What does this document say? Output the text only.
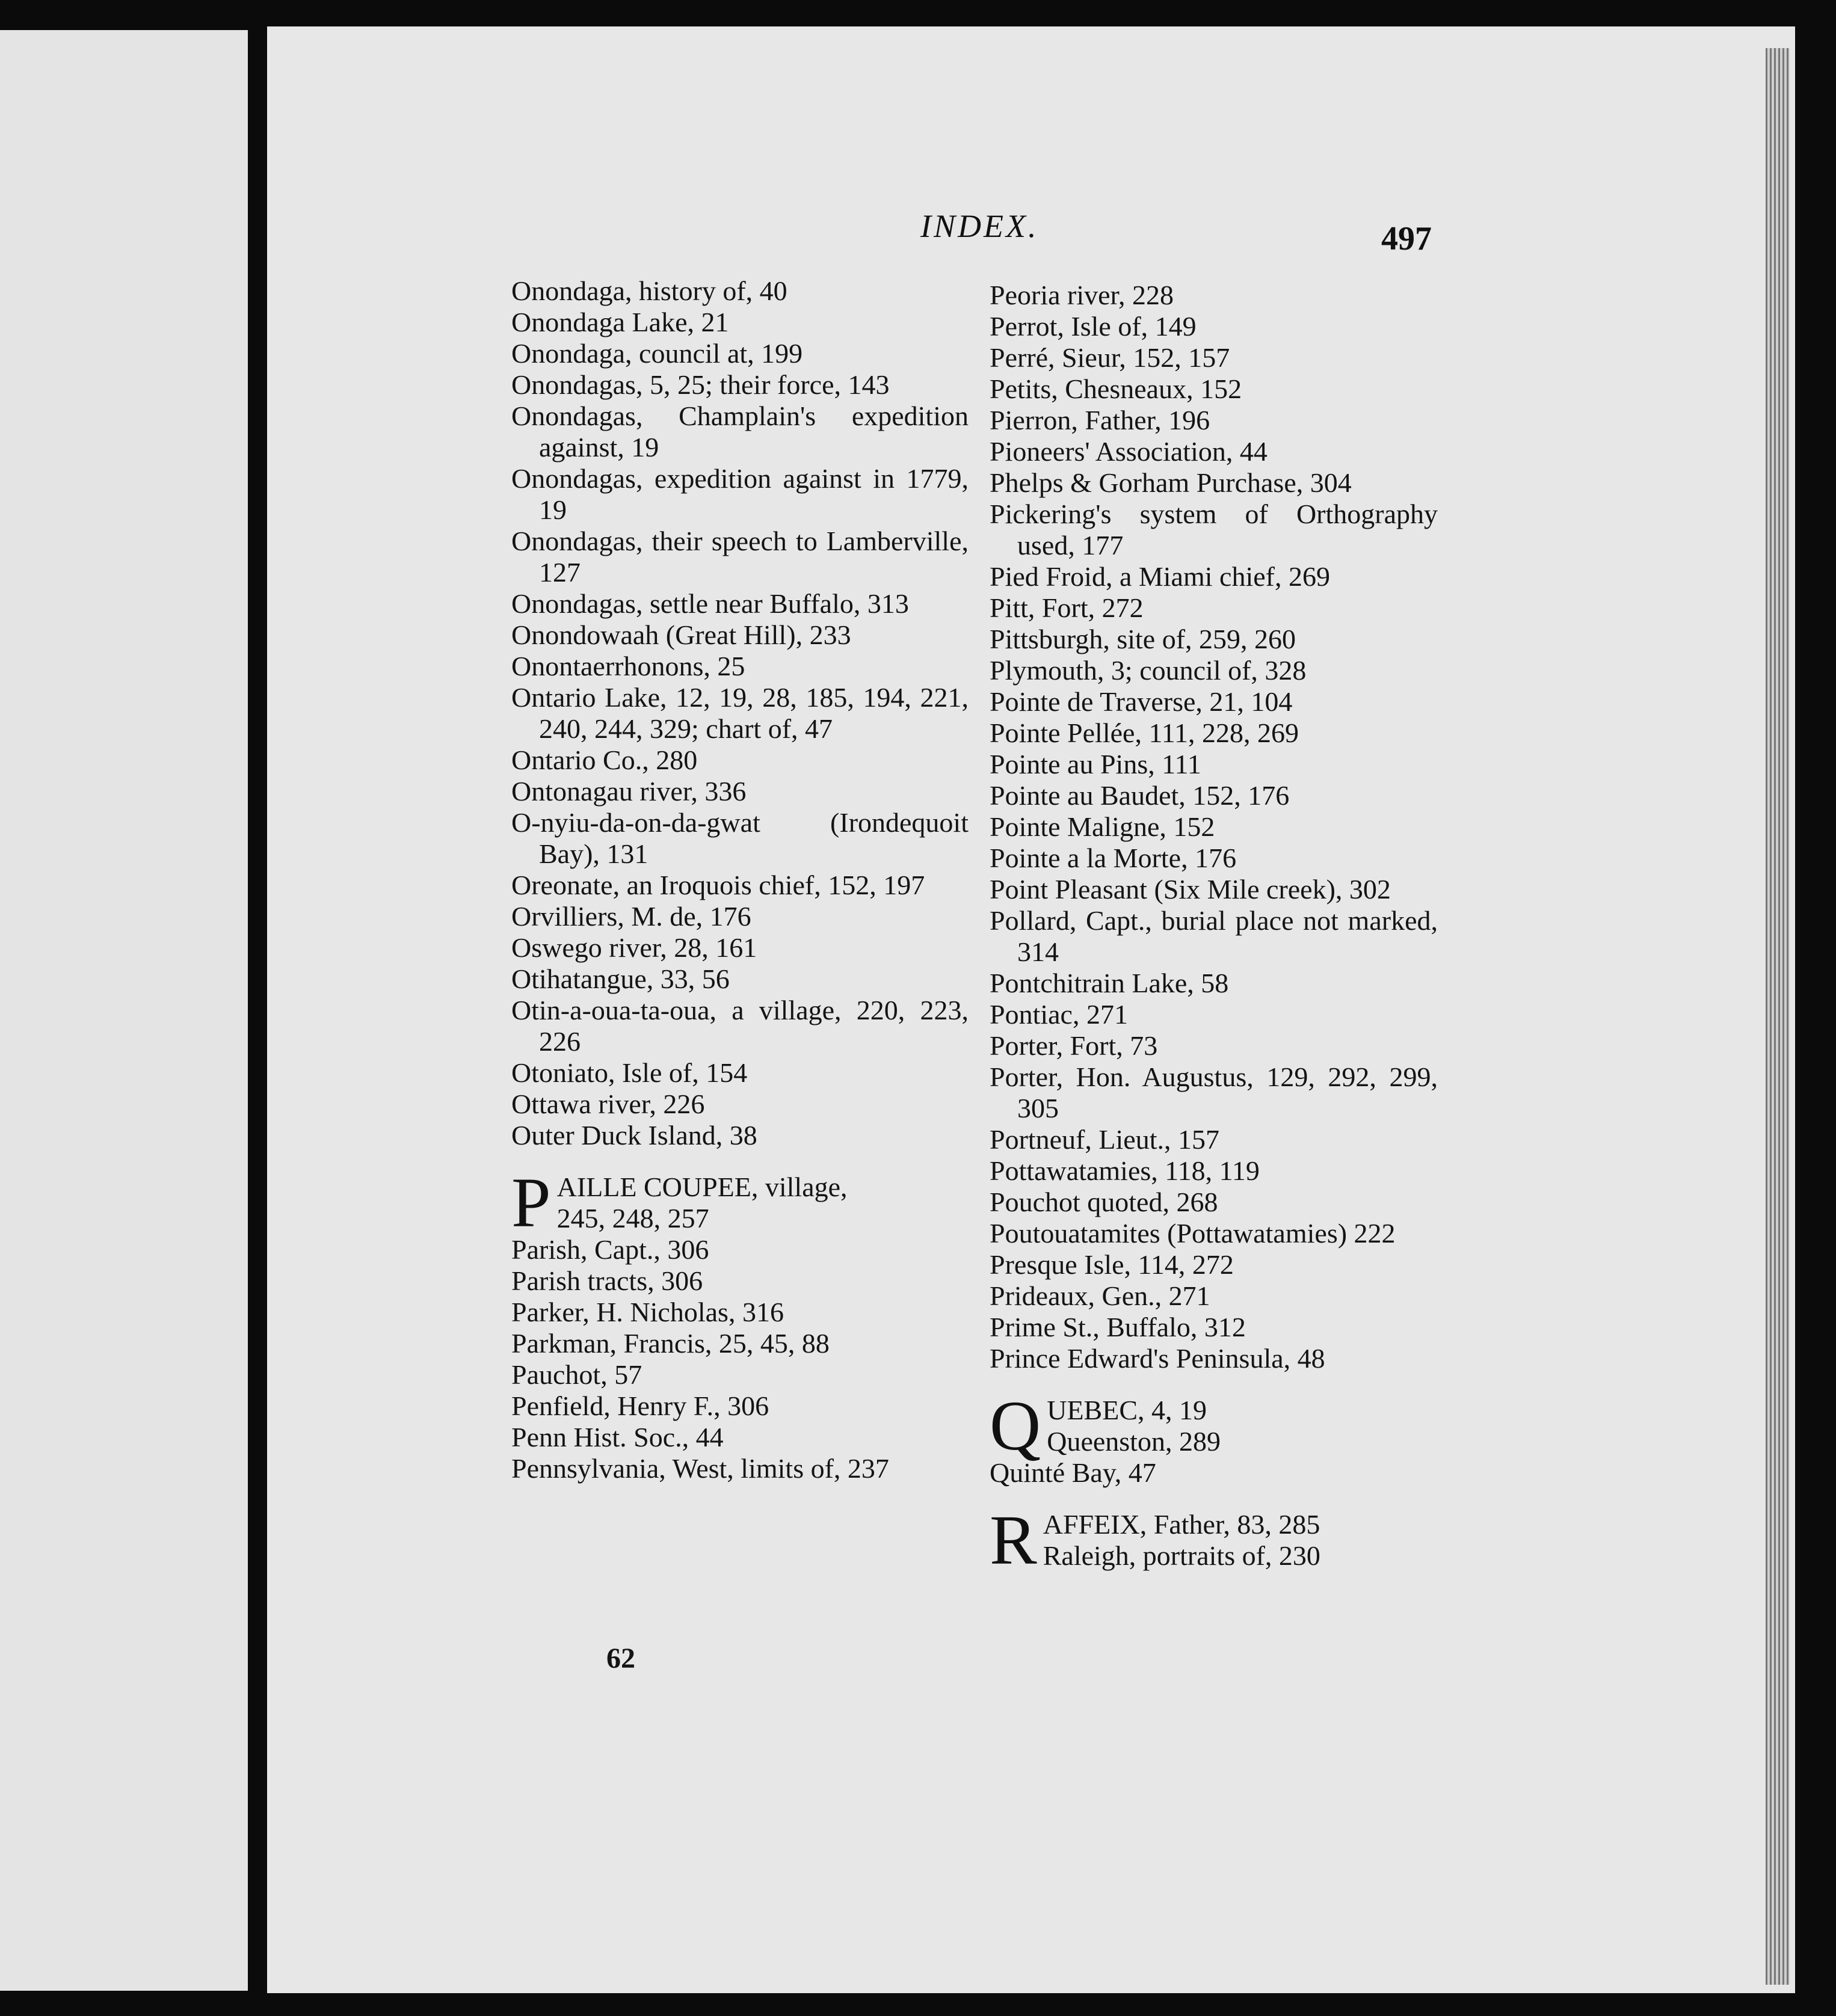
INDEX.	497
Onondaga, history of, 40
Onondaga Lake, 21
Onondaga, council at, 199
Onondagas, 5, 25; their force, 143
Onondagas, Champlain's expedition against, 19
Onondagas, expedition against in 1779, 19
Onondagas, their speech to Lamberville, 127
Onondagas, settle near Buffalo, 313
Onondowaah (Great Hill), 233
Onontaerrhonons, 25
Ontario Lake, 12, 19, 28, 185, 194, 221, 240, 244, 329; chart of, 47
Ontario Co., 280
Ontonagau river, 336
O-nyiu-da-on-da-gwat (Irondequoit Bay), 131
Oreonate, an Iroquois chief, 152, 197
Orvilliers, M. de, 176
Oswego river, 28, 161
Otihatangue, 33, 56
Otin-a-oua-ta-oua, a village, 220, 223, 226
Otoniato, Isle of, 154
Ottawa river, 226
Outer Duck Island, 38
P AILLE COUPEE, village,
245, 248, 257
Parish, Capt., 306
Parish tracts, 306
Parker, H. Nicholas, 316
Parkman, Francis, 25, 45, 88
Pauchot, 57
Penfield, Henry F., 306
Penn Hist. Soc., 44
Pennsylvania, West, limits of, 237
Peoria river, 228
Perrot, Isle of, 149
Perré, Sieur, 152, 157
Petits, Chesneaux, 152
Pierron, Father, 196
Pioneers' Association, 44
Phelps & Gorham Purchase, 304
Pickering's system of Orthography used, 177
Pied Froid, a Miami chief, 269
Pitt, Fort, 272
Pittsburgh, site of, 259, 260
Plymouth, 3; council of, 328
Pointe de Traverse, 21, 104
Pointe Pellée, 111, 228, 269
Pointe au Pins, 111
Pointe au Baudet, 152, 176
Pointe Maligne, 152
Pointe a la Morte, 176
Point Pleasant (Six Mile creek), 302
Pollard, Capt., burial place not marked, 314
Pontchitrain Lake, 58
Pontiac, 271
Porter, Fort, 73
Porter, Hon. Augustus, 129, 292, 299, 305
Portneuf, Lieut., 157
Pottawatamies, 118, 119
Pouchot quoted, 268
Poutouatamites (Pottawatamies) 222
Presque Isle, 114, 272
Prideaux, Gen., 271
Prime St., Buffalo, 312
Prince Edward's Peninsula, 48
Q UEBEC, 4, 19
Queenston, 289
Quinté Bay, 47
R AFFEIX, Father, 83, 285
Raleigh, portraits of, 230
62
